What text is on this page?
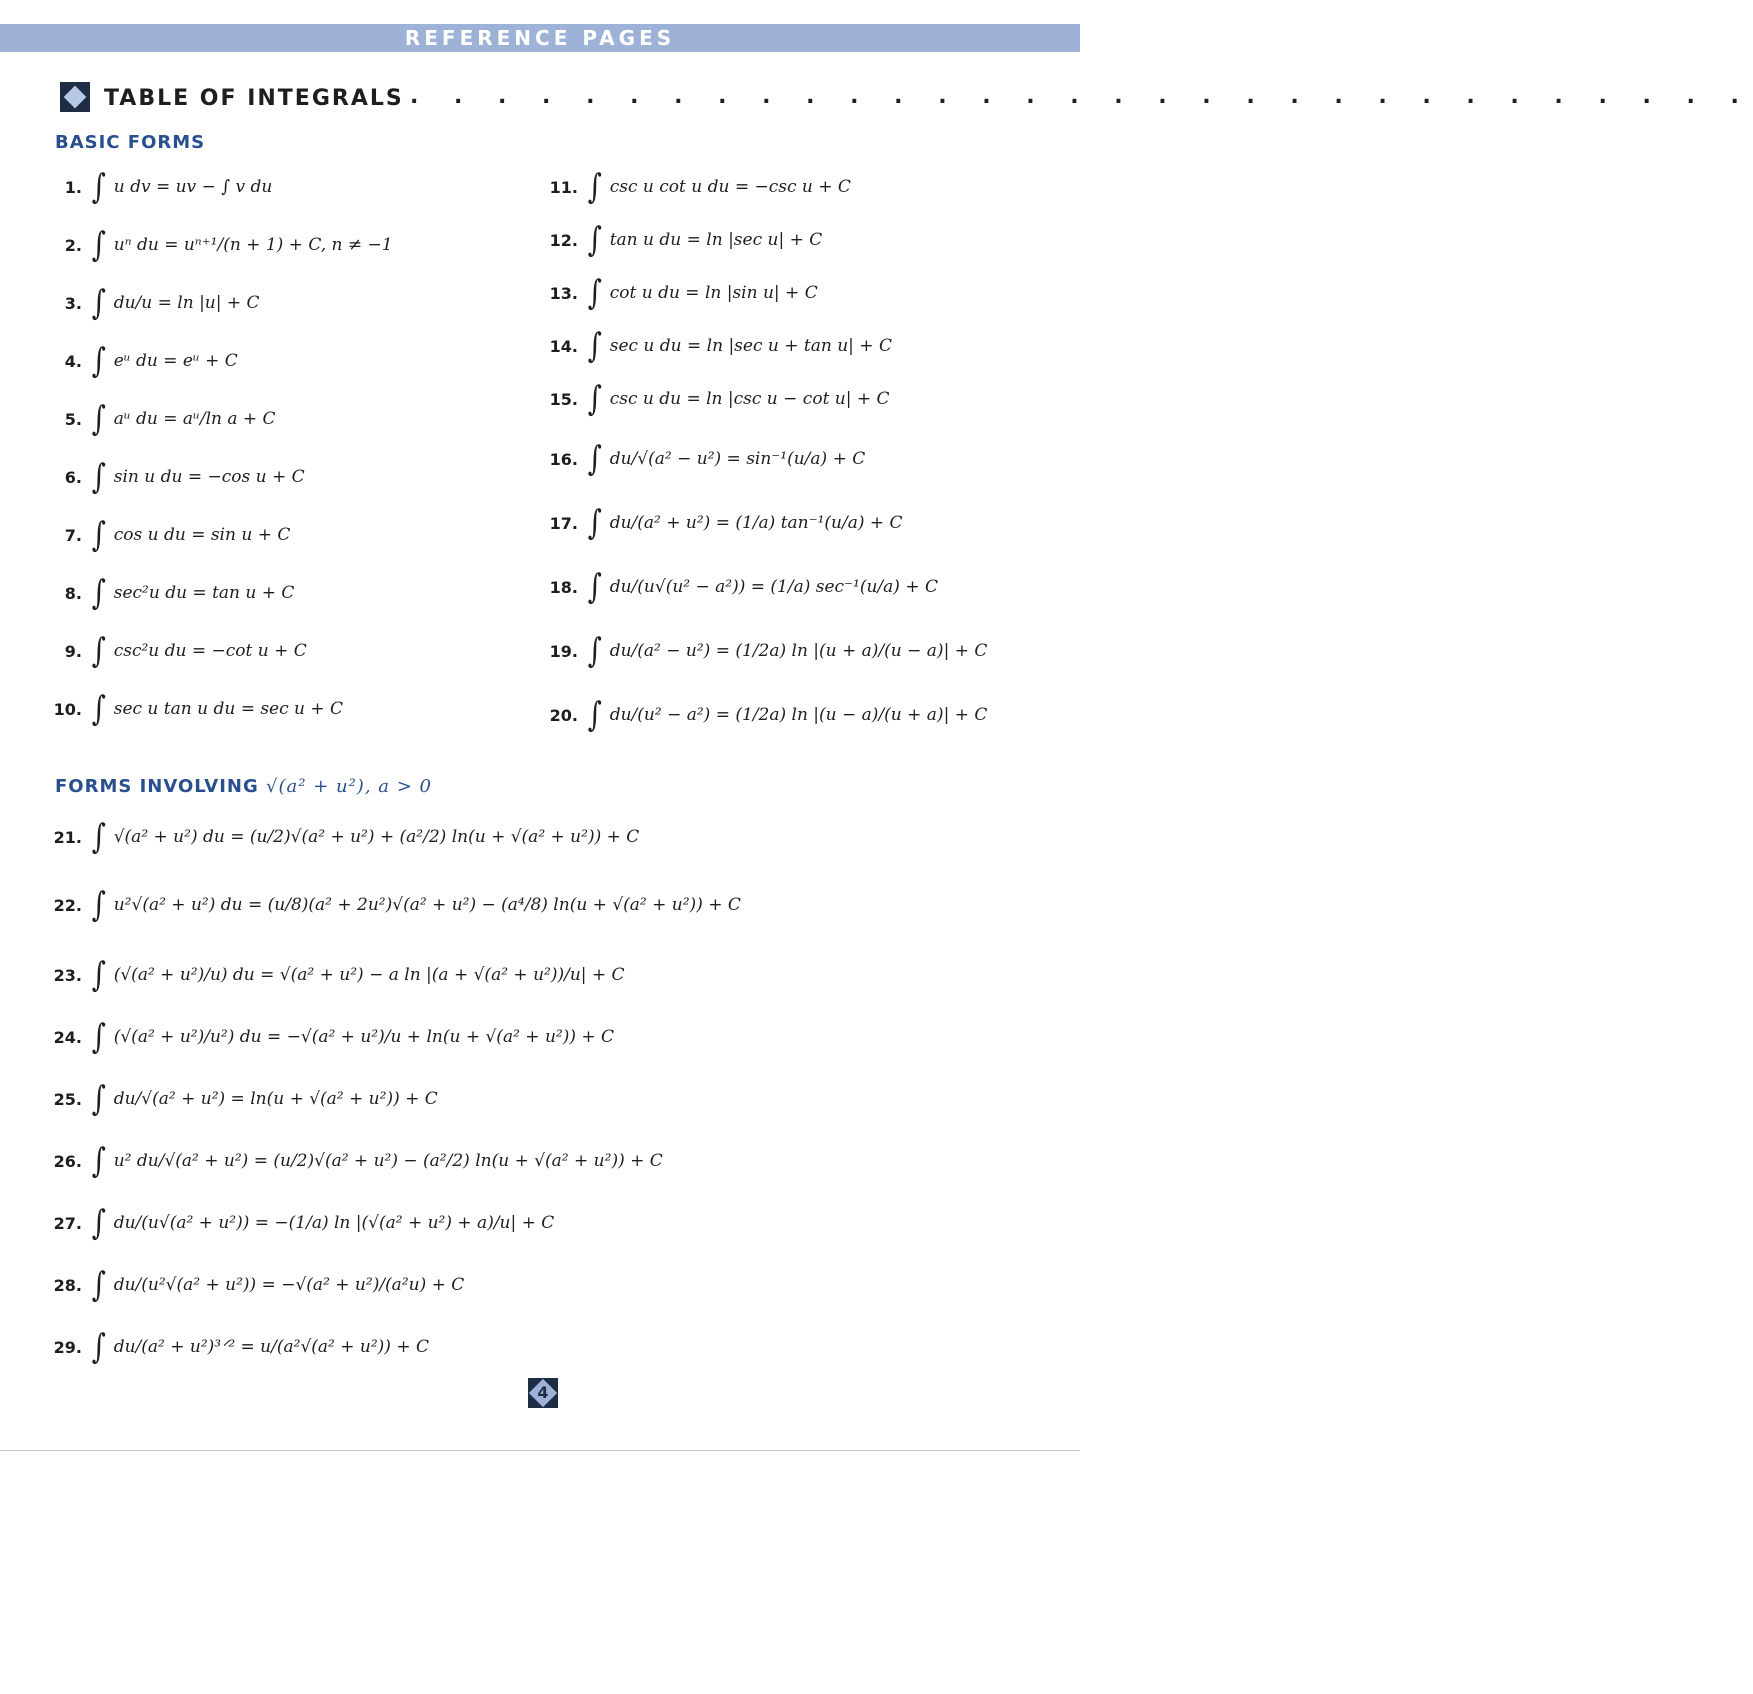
REFERENCE PAGES
TABLE OF INTEGRALS . . . . . . . . . . . . . . . . . . . . . . . . . . . . . . .
BASIC FORMS
1. ∫ u dv = uv − ∫ v du
2. ∫ uⁿ du = uⁿ⁺¹/(n + 1) + C, n ≠ −1
3. ∫ du/u = ln |u| + C
4. ∫ eᵘ du = eᵘ + C
5. ∫ aᵘ du = aᵘ/ln a + C
6. ∫ sin u du = −cos u + C
7. ∫ cos u du = sin u + C
8. ∫ sec²u du = tan u + C
9. ∫ csc²u du = −cot u + C
10. ∫ sec u tan u du = sec u + C
11. ∫ csc u cot u du = −csc u + C
12. ∫ tan u du = ln |sec u| + C
13. ∫ cot u du = ln |sin u| + C
14. ∫ sec u du = ln |sec u + tan u| + C
15. ∫ csc u du = ln |csc u − cot u| + C
16. ∫ du/√(a² − u²) = sin⁻¹(u/a) + C
17. ∫ du/(a² + u²) = (1/a) tan⁻¹(u/a) + C
18. ∫ du/(u√(u² − a²)) = (1/a) sec⁻¹(u/a) + C
19. ∫ du/(a² − u²) = (1/2a) ln |(u + a)/(u − a)| + C
20. ∫ du/(u² − a²) = (1/2a) ln |(u − a)/(u + a)| + C
FORMS INVOLVING √(a² + u²), a > 0
21. ∫ √(a² + u²) du = (u/2)√(a² + u²) + (a²/2) ln(u + √(a² + u²)) + C
22. ∫ u²√(a² + u²) du = (u/8)(a² + 2u²)√(a² + u²) − (a⁴/8) ln(u + √(a² + u²)) + C
23. ∫ (√(a² + u²)/u) du = √(a² + u²) − a ln |(a + √(a² + u²))/u| + C
24. ∫ (√(a² + u²)/u²) du = −√(a² + u²)/u + ln(u + √(a² + u²)) + C
25. ∫ du/√(a² + u²) = ln(u + √(a² + u²)) + C
26. ∫ u² du/√(a² + u²) = (u/2)√(a² + u²) − (a²/2) ln(u + √(a² + u²)) + C
27. ∫ du/(u√(a² + u²)) = −(1/a) ln |(√(a² + u²) + a)/u| + C
28. ∫ du/(u²√(a² + u²)) = −√(a² + u²)/(a²u) + C
29. ∫ du/(a² + u²)³ᐟ² = u/(a²√(a² + u²)) + C
4
